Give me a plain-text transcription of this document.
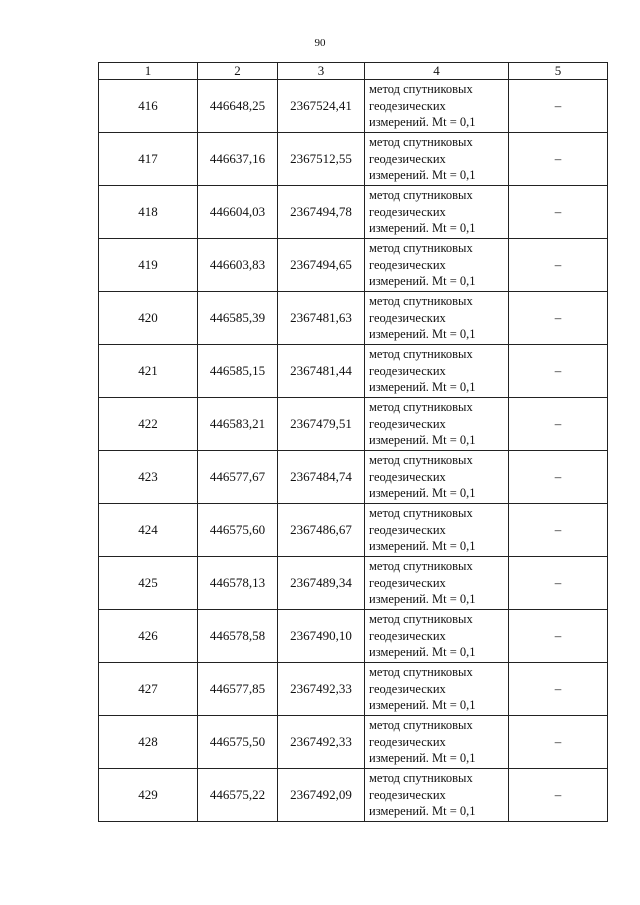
90
1	2	3	4	5
416	446648,25	2367524,41	метод спутниковых
геодезических
измерений. Mt = 0,1	–
417	446637,16	2367512,55	метод спутниковых
геодезических
измерений. Mt = 0,1	–
418	446604,03	2367494,78	метод спутниковых
геодезических
измерений. Mt = 0,1	–
419	446603,83	2367494,65	метод спутниковых
геодезических
измерений. Mt = 0,1	–
420	446585,39	2367481,63	метод спутниковых
геодезических
измерений. Mt = 0,1	–
421	446585,15	2367481,44	метод спутниковых
геодезических
измерений. Mt = 0,1	–
422	446583,21	2367479,51	метод спутниковых
геодезических
измерений. Mt = 0,1	–
423	446577,67	2367484,74	метод спутниковых
геодезических
измерений. Mt = 0,1	–
424	446575,60	2367486,67	метод спутниковых
геодезических
измерений. Mt = 0,1	–
425	446578,13	2367489,34	метод спутниковых
геодезических
измерений. Mt = 0,1	–
426	446578,58	2367490,10	метод спутниковых
геодезических
измерений. Mt = 0,1	–
427	446577,85	2367492,33	метод спутниковых
геодезических
измерений. Mt = 0,1	–
428	446575,50	2367492,33	метод спутниковых
геодезических
измерений. Mt = 0,1	–
429	446575,22	2367492,09	метод спутниковых
геодезических
измерений. Mt = 0,1	–
